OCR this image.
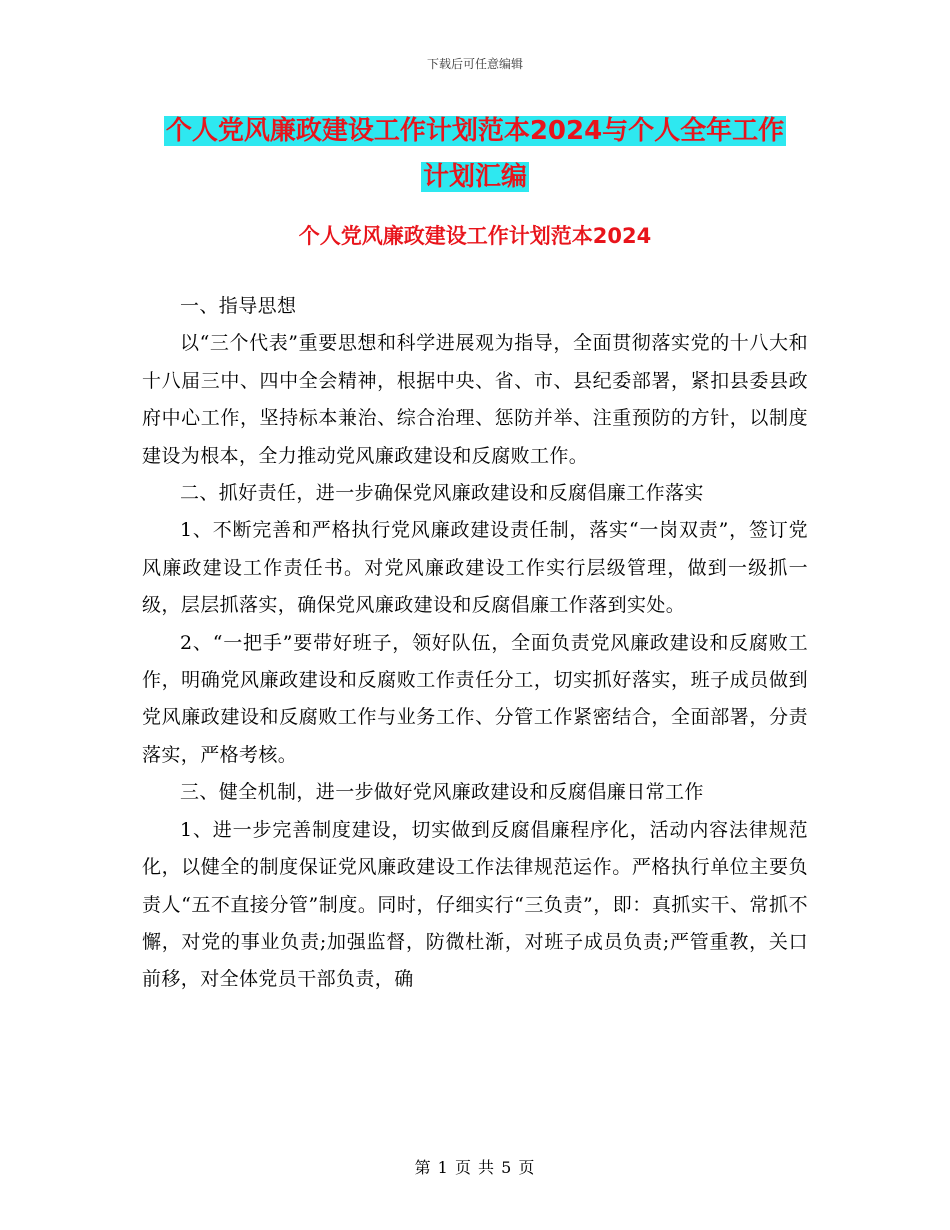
下载后可任意编辑
个人党风廉政建设工作计划范本2024与个人全年工作
计划汇编
个人党风廉政建设工作计划范本2024

一、指导思想

以“三个代表”重要思想和科学进展观为指导，全面贯彻落实党的十八大和十八届三中、四中全会精神，根据中央、省、市、县纪委部署，紧扣县委县政府中心工作，坚持标本兼治、综合治理、惩防并举、注重预防的方针，以制度建设为根本，全力推动党风廉政建设和反腐败工作。

二、抓好责任，进一步确保党风廉政建设和反腐倡廉工作落实

1、不断完善和严格执行党风廉政建设责任制，落实“一岗双责”，签订党风廉政建设工作责任书。对党风廉政建设工作实行层级管理，做到一级抓一级，层层抓落实，确保党风廉政建设和反腐倡廉工作落到实处。

2、“一把手”要带好班子，领好队伍，全面负责党风廉政建设和反腐败工作，明确党风廉政建设和反腐败工作责任分工，切实抓好落实，班子成员做到党风廉政建设和反腐败工作与业务工作、分管工作紧密结合，全面部署，分责落实，严格考核。

三、健全机制，进一步做好党风廉政建设和反腐倡廉日常工作

1、进一步完善制度建设，切实做到反腐倡廉程序化，活动内容法律规范化，以健全的制度保证党风廉政建设工作法律规范运作。严格执行单位主要负责人“五不直接分管”制度。同时，仔细实行“三负责”，即：真抓实干、常抓不懈，对党的事业负责;加强监督，防微杜渐，对班子成员负责;严管重教，关口前移，对全体党员干部负责，确

第 1 页 共 5 页
